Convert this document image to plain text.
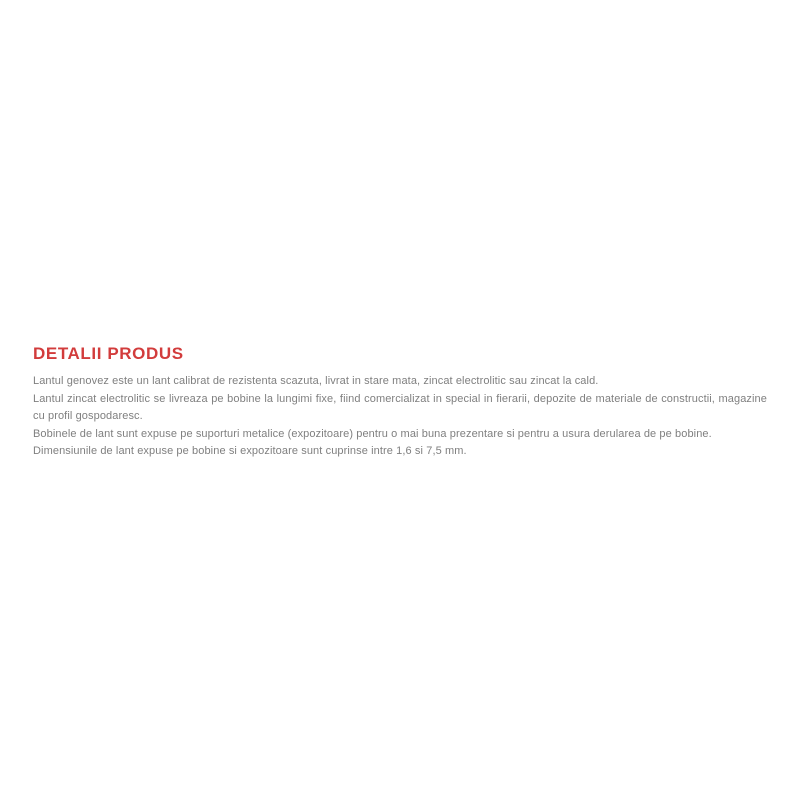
DETALII PRODUS

Lantul genovez este un lant calibrat de rezistenta scazuta, livrat in stare mata, zincat electrolitic sau zincat la cald.

Lantul zincat electrolitic se livreaza pe bobine la lungimi fixe, fiind comercializat in special in fierarii, depozite de materiale de constructii, magazine cu profil gospodaresc.

Bobinele de lant sunt expuse pe suporturi metalice (expozitoare) pentru o mai buna prezentare si pentru a usura derularea de pe bobine.

Dimensiunile de lant expuse pe bobine si expozitoare sunt cuprinse intre 1,6 si 7,5 mm.
